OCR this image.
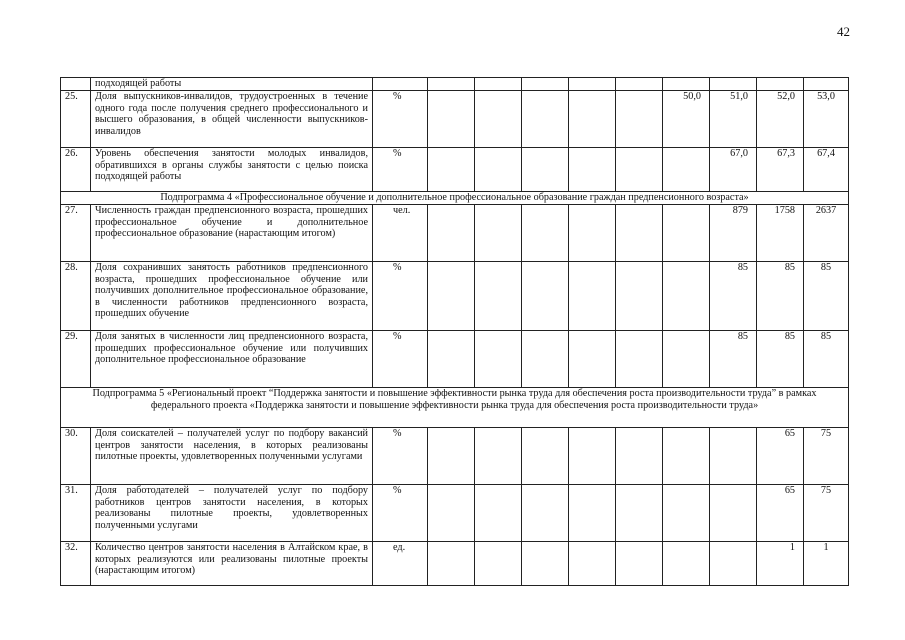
42
	подходящей работы										
25.	Доля выпускников-инвалидов, трудоустроенных в течение одного года после получения среднего профессионального и высшего образования, в общей численности выпускников-инвалидов	%						50,0	51,0	52,0	53,0
26.	Уровень обеспечения занятости молодых инвалидов, обратившихся в органы службы занятости с целью поиска подходящей работы	%							67,0	67,3	67,4
Подпрограмма 4 «Профессиональное обучение и дополнительное профессиональное образование граждан предпенсионного возраста»											
27.	Численность граждан предпенсионного возраста, прошедших профессиональное обучение и дополнительное профессиональное образование (нарастающим итогом)	чел.							879	1758	2637
28.	Доля сохранивших занятость работников предпенсионного возраста, прошедших профессиональное обучение или получивших дополнительное профессиональное образование, в численности работников предпенсионного возраста, прошедших обучение	%							85	85	85
29.	Доля занятых в численности лиц предпенсионного возраста, прошедших профессиональное обучение или получивших дополнительное профессиональное образование	%							85	85	85
Подпрограмма 5 «Региональный проект “Поддержка занятости и повышение эффективности рынка труда для обеспечения роста производительности труда” в рамках федерального проекта «Поддержка занятости и повышение эффективности рынка труда для обеспечения роста производительности труда»											
30.	Доля соискателей – получателей услуг по подбору вакансий центров занятости населения, в которых реализованы пилотные проекты, удовлетворенных полученными услугами	%								65	75
31.	Доля работодателей – получателей услуг по подбору работников центров занятости населения, в которых реализованы пилотные проекты, удовлетворенных полученными услугами	%								65	75
32.	Количество центров занятости населения в Алтайском крае, в которых реализуются или реализованы пилотные проекты (нарастающим итогом)	ед.								1	1
